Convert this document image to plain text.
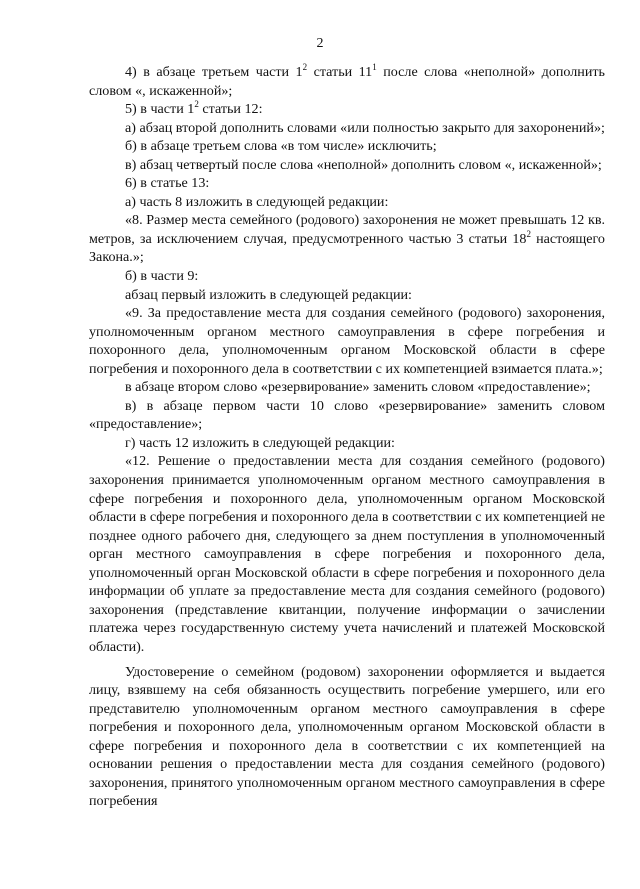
2

4) в абзаце третьем части $1^2$ статьи $11^1$ после слова «неполной» дополнить словом «, искаженной»;

5) в части $1^2$ статьи 12:

а) абзац второй дополнить словами «или полностью закрыто для захоронений»;

б) в абзаце третьем слова «в том числе» исключить;

в) абзац четвертый после слова «неполной» дополнить словом «, искаженной»;

6) в статье 13:

а) часть 8 изложить в следующей редакции:

«8. Размер места семейного (родового) захоронения не может превышать 12 кв. метров, за исключением случая, предусмотренного частью 3 статьи $18^2$ настоящего Закона.»;

б) в части 9:

абзац первый изложить в следующей редакции:

«9. За предоставление места для создания семейного (родового) захоронения, уполномоченным органом местного самоуправления в сфере погребения и похоронного дела, уполномоченным органом Московской области в сфере погребения и похоронного дела в соответствии с их компетенцией взимается плата.»;

в абзаце втором слово «резервирование» заменить словом «предоставление»;

в) в абзаце первом части 10 слово «резервирование» заменить словом «предоставление»;

г) часть 12 изложить в следующей редакции:

«12. Решение о предоставлении места для создания семейного (родового) захоронения принимается уполномоченным органом местного самоуправления в сфере погребения и похоронного дела, уполномоченным органом Московской области в сфере погребения и похоронного дела в соответствии с их компетенцией не позднее одного рабочего дня, следующего за днем поступления в уполномоченный орган местного самоуправления в сфере погребения и похоронного дела, уполномоченный орган Московской области в сфере погребения и похоронного дела информации об уплате за предоставление места для создания семейного (родового) захоронения (представление квитанции, получение информации о зачислении платежа через государственную систему учета начислений и платежей Московской области).

Удостоверение о семейном (родовом) захоронении оформляется и выдается лицу, взявшему на себя обязанность осуществить погребение умершего, или его представителю уполномоченным органом местного самоуправления в сфере погребения и похоронного дела, уполномоченным органом Московской области в сфере погребения и похоронного дела в соответствии с их компетенцией на основании решения о предоставлении места для создания семейного (родового) захоронения, принятого уполномоченным органом местного самоуправления в сфере погребения
